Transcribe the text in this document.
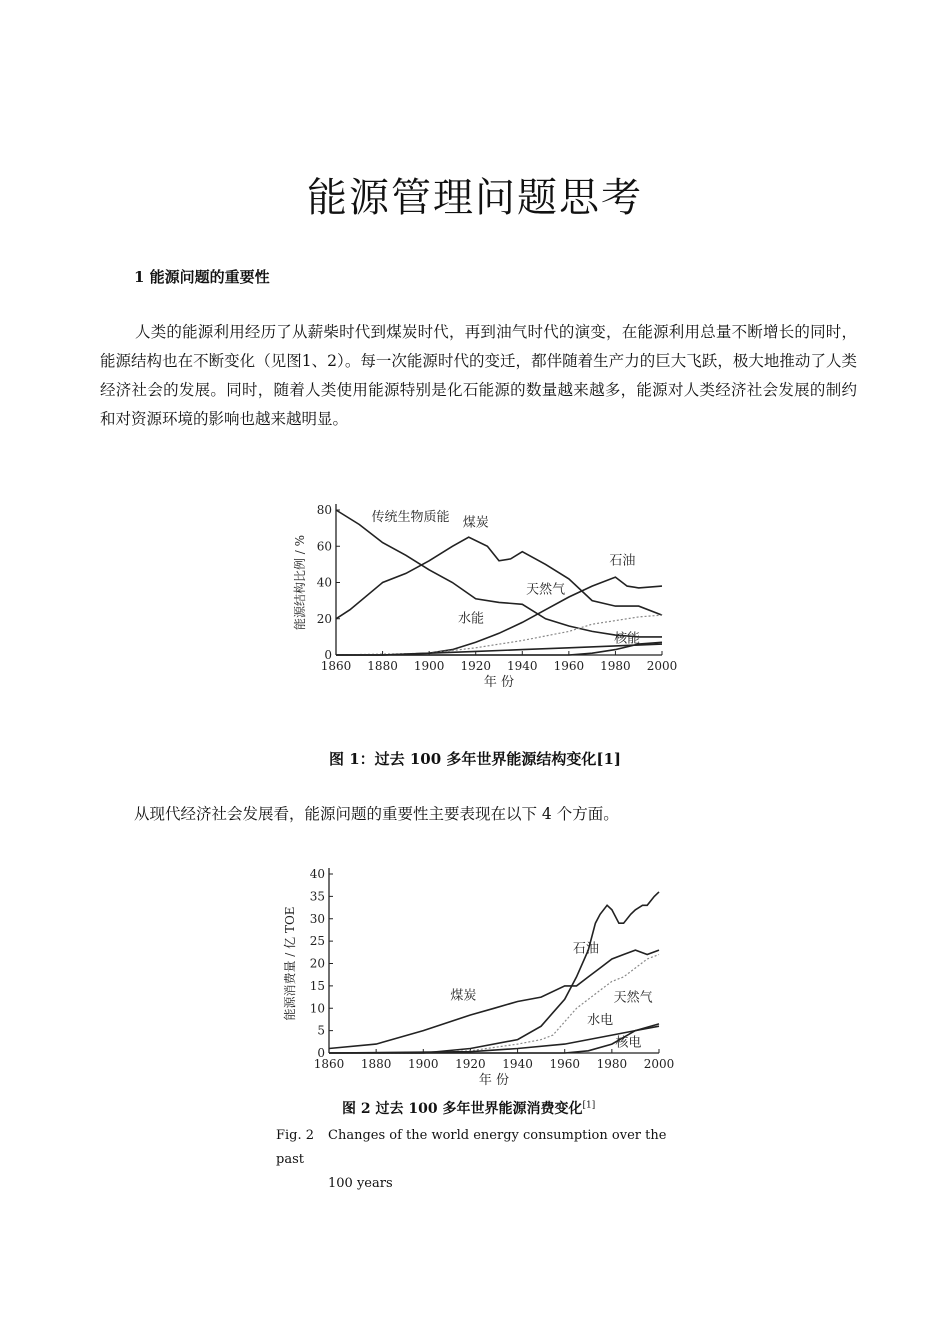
能源管理问题思考
1 能源问题的重要性
人类的能源利用经历了从薪柴时代到煤炭时代，再到油气时代的演变，在能源利用总量不断增长的同时，能源结构也在不断变化（见图1、2）。每一次能源时代的变迁，都伴随着生产力的巨大飞跃，极大地推动了人类经济社会的发展。同时，随着人类使用能源特别是化石能源的数量越来越多，能源对人类经济社会发展的制约和对资源环境的影响也越来越明显。
0
20
40
60
80
1860 1880 1900 1920 1940 1960 1980 2000
年 份
能源结构比例 / %
传统生物质能 煤炭
石油
天然气
水能
核能
图 1：过去 100 多年世界能源结构变化[1]
从现代经济社会发展看，能源问题的重要性主要表现在以下 4 个方面。
0
5
10
15
20
25
30
35
40
1860 1880 1900 1920 1940 1960 1980 2000
年 份
能源消费量 / 亿 TOE	石油
煤炭	天然气
水电
核电
图 2 过去 100 多年世界能源消费变化[1]
Fig. 2 Changes of the world energy consumption over the past
100 years
